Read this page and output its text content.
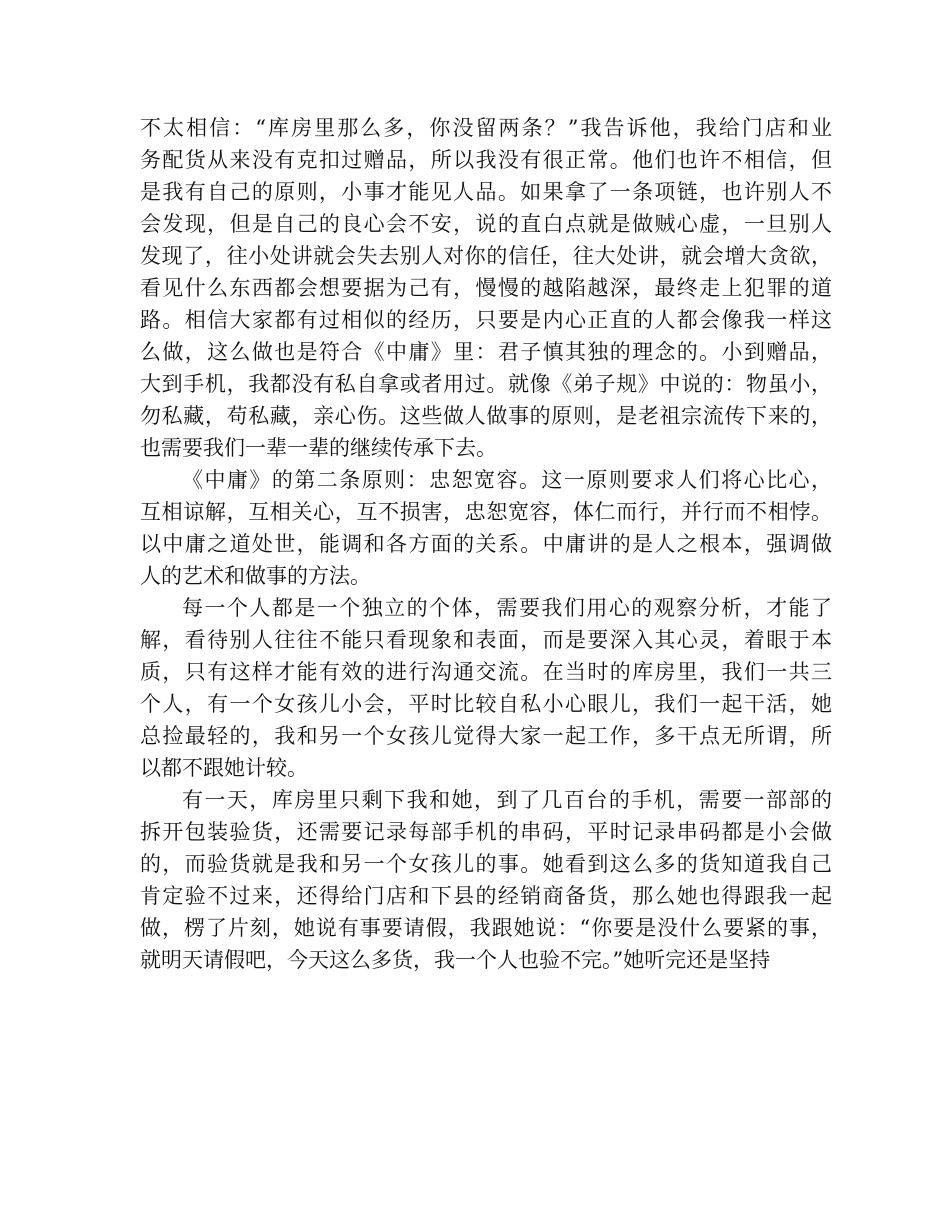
不太相信：“库房里那么多，你没留两条？”我告诉他，我给门店和业
务配货从来没有克扣过赠品，所以我没有很正常。他们也许不相信，但
是我有自己的原则，小事才能见人品。如果拿了一条项链，也许别人不
会发现，但是自己的良心会不安，说的直白点就是做贼心虚，一旦别人
发现了，往小处讲就会失去别人对你的信任，往大处讲，就会增大贪欲，
看见什么东西都会想要据为己有，慢慢的越陷越深，最终走上犯罪的道
路。相信大家都有过相似的经历，只要是内心正直的人都会像我一样这
么做，这么做也是符合《中庸》里：君子慎其独的理念的。小到赠品，
大到手机，我都没有私自拿或者用过。就像《弟子规》中说的：物虽小，
勿私藏，苟私藏，亲心伤。这些做人做事的原则，是老祖宗流传下来的，
也需要我们一辈一辈的继续传承下去。
《中庸》的第二条原则：忠恕宽容。这一原则要求人们将心比心，
互相谅解，互相关心，互不损害，忠恕宽容，体仁而行，并行而不相悖。
以中庸之道处世，能调和各方面的关系。中庸讲的是人之根本，强调做
人的艺术和做事的方法。
每一个人都是一个独立的个体，需要我们用心的观察分析，才能了
解，看待别人往往不能只看现象和表面，而是要深入其心灵，着眼于本
质，只有这样才能有效的进行沟通交流。在当时的库房里，我们一共三
个人，有一个女孩儿小会，平时比较自私小心眼儿，我们一起干活，她
总捡最轻的，我和另一个女孩儿觉得大家一起工作，多干点无所谓，所
以都不跟她计较。
有一天，库房里只剩下我和她，到了几百台的手机，需要一部部的
拆开包装验货，还需要记录每部手机的串码，平时记录串码都是小会做
的，而验货就是我和另一个女孩儿的事。她看到这么多的货知道我自己
肯定验不过来，还得给门店和下县的经销商备货，那么她也得跟我一起
做，楞了片刻，她说有事要请假，我跟她说：“你要是没什么要紧的事，
就明天请假吧，今天这么多货，我一个人也验不完。”她听完还是坚持
